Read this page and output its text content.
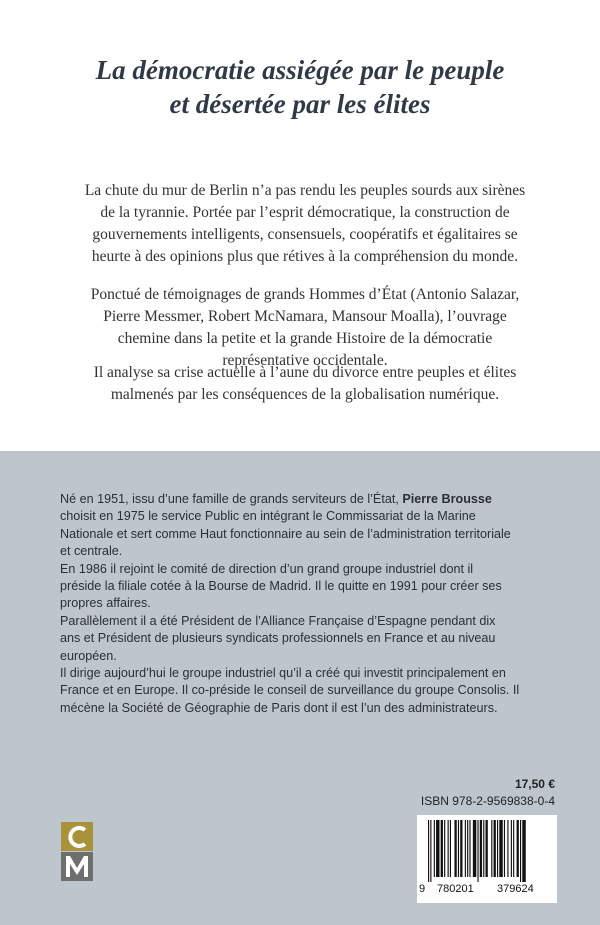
La démocratie assiégée par le peuple
et désertée par les élites
La chute du mur de Berlin n’a pas rendu les peuples sourds aux sirènes
de la tyrannie. Portée par l’esprit démocratique, la construction de
gouvernements intelligents, consensuels, coopératifs et égalitaires se
heurte à des opinions plus que rétives à la compréhension du monde.
Ponctué de témoignages de grands Hommes d’État (Antonio Salazar,
Pierre Messmer, Robert McNamara, Mansour Moalla), l’ouvrage
chemine dans la petite et la grande Histoire de la démocratie
représentative occidentale.
Il analyse sa crise actuelle à l’aune du divorce entre peuples et élites
malmenés par les conséquences de la globalisation numérique.
Né en 1951, issu d’une famille de grands serviteurs de l’État, Pierre Brousse
choisit en 1975 le service Public en intégrant le Commissariat de la Marine
Nationale et sert comme Haut fonctionnaire au sein de l’administration territoriale
et centrale.
En 1986 il rejoint le comité de direction d’un grand groupe industriel dont il
préside la filiale cotée à la Bourse de Madrid. Il le quitte en 1991 pour créer ses
propres affaires.
Parallèlement il a été Président de l’Alliance Française d’Espagne pendant dix
ans et Président de plusieurs syndicats professionnels en France et au niveau
européen.
Il dirige aujourd’hui le groupe industriel qu’il a créé qui investit principalement en
France et en Europe. Il co-préside le conseil de surveillance du groupe Consolis. Il
mécène la Société de Géographie de Paris dont il est l’un des administrateurs.
17,50 €
ISBN 978-2-9569838-0-4
9 780201 379624
